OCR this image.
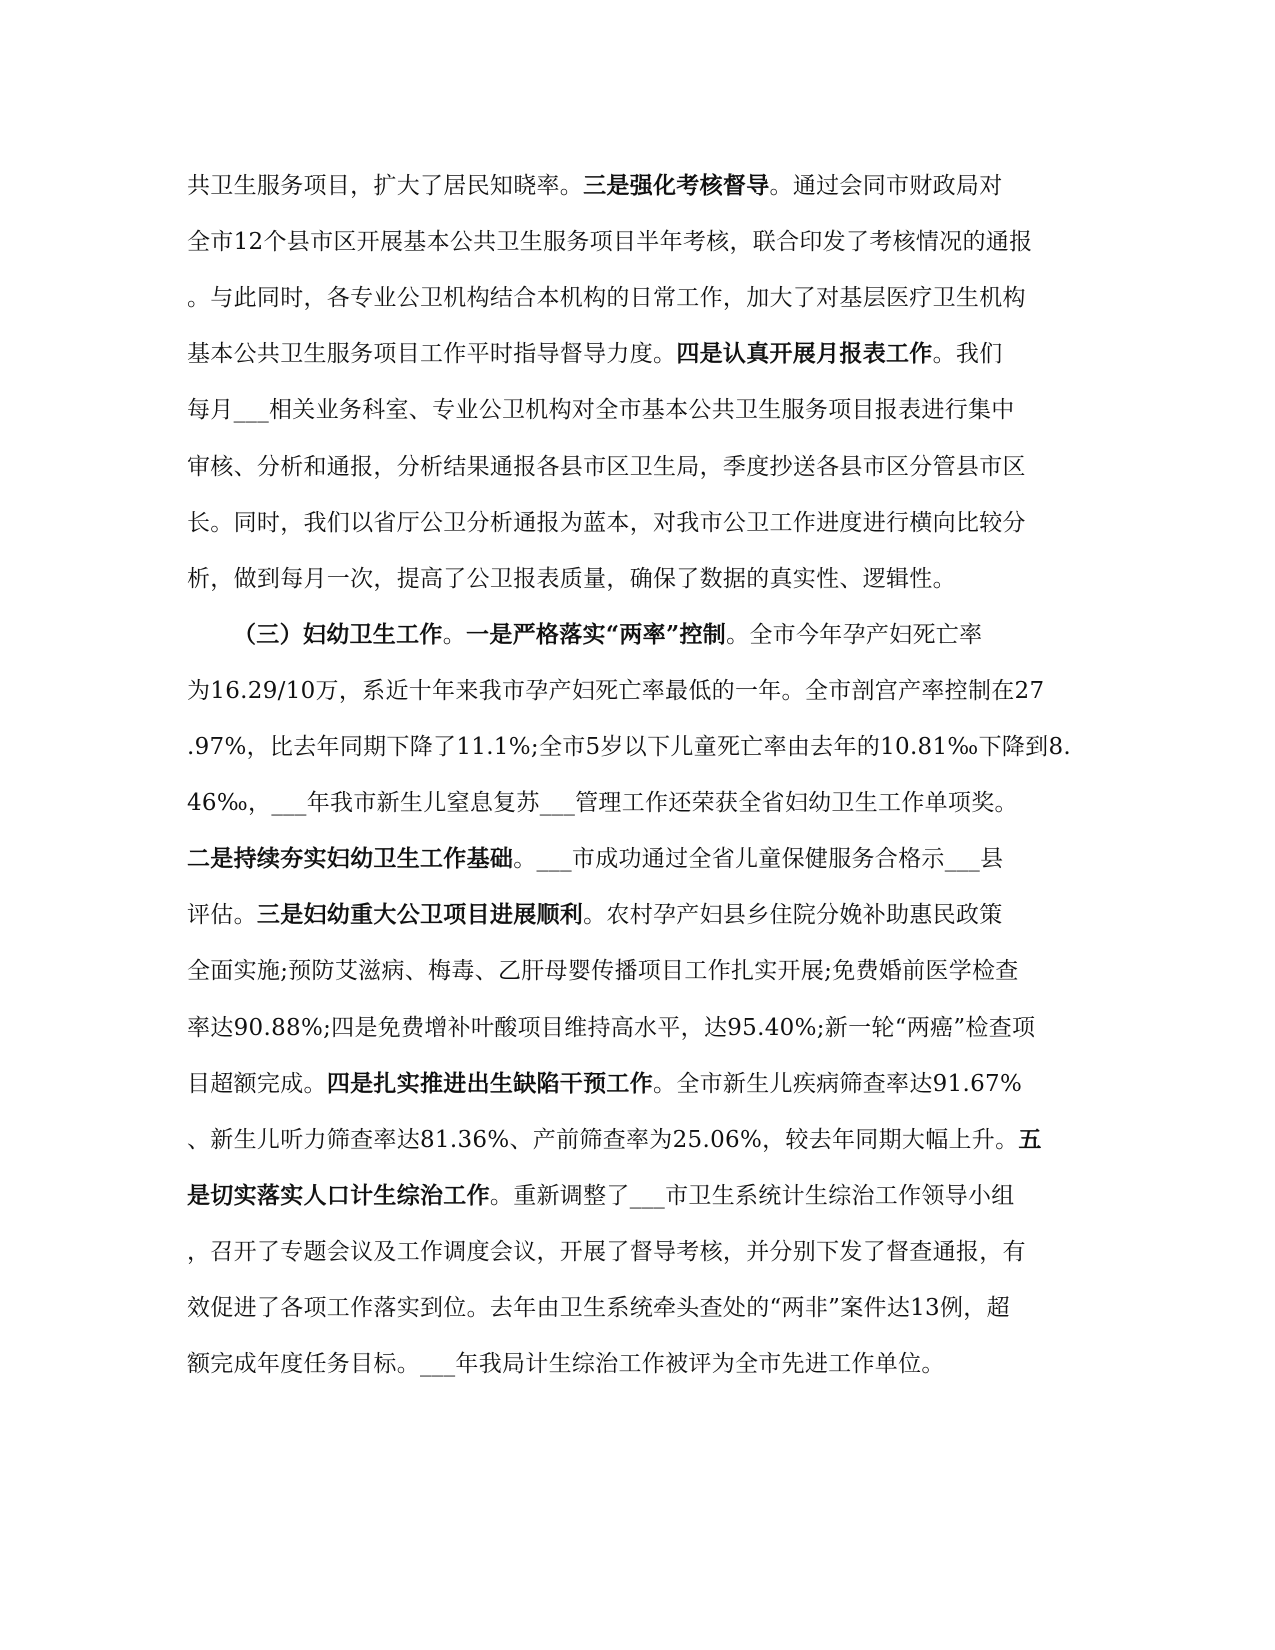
共卫生服务项目，扩大了居民知晓率。三是强化考核督导。通过会同市财政局对
全市12个县市区开展基本公共卫生服务项目半年考核，联合印发了考核情况的通报
。与此同时，各专业公卫机构结合本机构的日常工作，加大了对基层医疗卫生机构
基本公共卫生服务项目工作平时指导督导力度。四是认真开展月报表工作。我们
每月___相关业务科室、专业公卫机构对全市基本公共卫生服务项目报表进行集中
审核、分析和通报，分析结果通报各县市区卫生局，季度抄送各县市区分管县市区
长。同时，我们以省厅公卫分析通报为蓝本，对我市公卫工作进度进行横向比较分
析，做到每月一次，提高了公卫报表质量，确保了数据的真实性、逻辑性。
（三）妇幼卫生工作。一是严格落实“两率”控制。全市今年孕产妇死亡率
为16.29/10万，系近十年来我市孕产妇死亡率最低的一年。全市剖宫产率控制在27
.97%，比去年同期下降了11.1%;全市5岁以下儿童死亡率由去年的10.81‰下降到8.
46‰，___年我市新生儿窒息复苏___管理工作还荣获全省妇幼卫生工作单项奖。
二是持续夯实妇幼卫生工作基础。___市成功通过全省儿童保健服务合格示___县
评估。三是妇幼重大公卫项目进展顺利。农村孕产妇县乡住院分娩补助惠民政策
全面实施;预防艾滋病、梅毒、乙肝母婴传播项目工作扎实开展;免费婚前医学检查
率达90.88%;四是免费增补叶酸项目维持高水平，达95.40%;新一轮“两癌”检查项
目超额完成。四是扎实推进出生缺陷干预工作。全市新生儿疾病筛查率达91.67%
、新生儿听力筛查率达81.36%、产前筛查率为25.06%，较去年同期大幅上升。五
是切实落实人口计生综治工作。重新调整了___市卫生系统计生综治工作领导小组
，召开了专题会议及工作调度会议，开展了督导考核，并分别下发了督查通报，有
效促进了各项工作落实到位。去年由卫生系统牵头查处的“两非”案件达13例，超
额完成年度任务目标。___年我局计生综治工作被评为全市先进工作单位。
